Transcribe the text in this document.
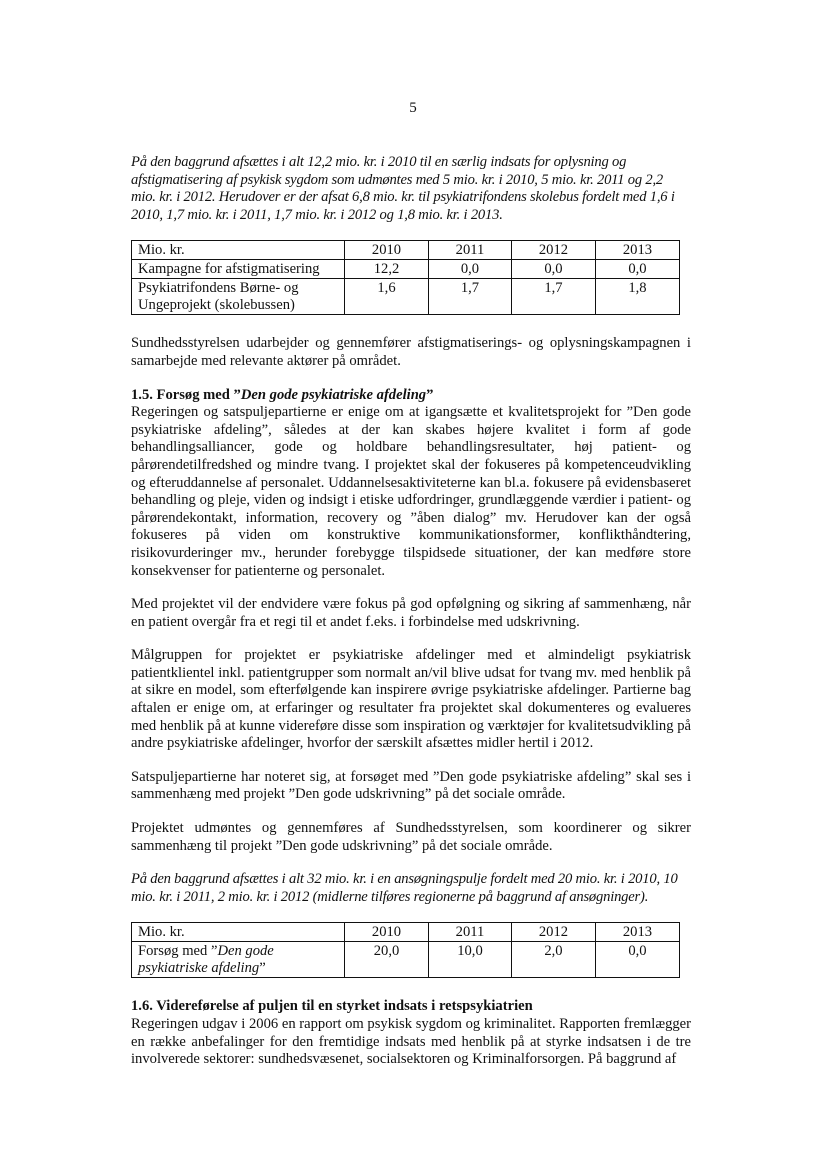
5

På den baggrund afsættes i alt 12,2 mio. kr. i 2010 til en særlig indsats for oplysning og afstigmatisering af psykisk sygdom som udmøntes med 5 mio. kr. i 2010, 5 mio. kr. 2011 og 2,2 mio. kr. i 2012. Herudover er der afsat 6,8 mio. kr. til psykiatrifondens skolebus fordelt med 1,6 i 2010, 1,7 mio. kr. i 2011, 1,7 mio. kr. i 2012 og 1,8 mio. kr. i 2013.

Mio. kr.	2010	2011	2012	2013
Kampagne for afstigmatisering	12,2	0,0	0,0	0,0
Psykiatrifondens Børne- og Ungeprojekt (skolebussen)	1,6	1,7	1,7	1,8

Sundhedsstyrelsen udarbejder og gennemfører afstigmatiserings- og oplysningskampagnen i samarbejde med relevante aktører på området.

1.5. Forsøg med ”Den gode psykiatriske afdeling”

Regeringen og satspuljepartierne er enige om at igangsætte et kvalitetsprojekt for ”Den gode psykiatriske afdeling”, således at der kan skabes højere kvalitet i form af gode behandlingsalliancer, gode og holdbare behandlingsresultater, høj patient- og pårørendetilfredshed og mindre tvang. I projektet skal der fokuseres på kompetenceudvikling og efteruddannelse af personalet. Uddannelsesaktiviteterne kan bl.a. fokusere på evidensbaseret behandling og pleje, viden og indsigt i etiske udfordringer, grundlæggende værdier i patient- og pårørendekontakt, information, recovery og ”åben dialog” mv. Herudover kan der også fokuseres på viden om konstruktive kommunikationsformer, konflikthåndtering, risikovurderinger mv., herunder forebygge tilspidsede situationer, der kan medføre store konsekvenser for patienterne og personalet.

Med projektet vil der endvidere være fokus på god opfølgning og sikring af sammenhæng, når en patient overgår fra et regi til et andet f.eks. i forbindelse med udskrivning.

Målgruppen for projektet er psykiatriske afdelinger med et almindeligt psykiatrisk patientklientel inkl. patientgrupper som normalt an/vil blive udsat for tvang mv. med henblik på at sikre en model, som efterfølgende kan inspirere øvrige psykiatriske afdelinger. Partierne bag aftalen er enige om, at erfaringer og resultater fra projektet skal dokumenteres og evalueres med henblik på at kunne videreføre disse som inspiration og værktøjer for kvalitetsudvikling på andre psykiatriske afdelinger, hvorfor der særskilt afsættes midler hertil i 2012.

Satspuljepartierne har noteret sig, at forsøget med ”Den gode psykiatriske afdeling” skal ses i sammenhæng med projekt ”Den gode udskrivning” på det sociale område.

Projektet udmøntes og gennemføres af Sundhedsstyrelsen, som koordinerer og sikrer sammenhæng til projekt ”Den gode udskrivning” på det sociale område.

På den baggrund afsættes i alt 32 mio. kr. i en ansøgningspulje fordelt med 20 mio. kr. i 2010, 10 mio. kr. i 2011, 2 mio. kr. i 2012 (midlerne tilføres regionerne på baggrund af ansøgninger).

Mio. kr.	2010	2011	2012	2013
Forsøg med ”Den gode psykiatriske afdeling”	20,0	10,0	2,0	0,0
1.6. Videreførelse af puljen til en styrket indsats i retspsykiatrien

Regeringen udgav i 2006 en rapport om psykisk sygdom og kriminalitet. Rapporten fremlægger en række anbefalinger for den fremtidige indsats med henblik på at styrke indsatsen i de tre involverede sektorer: sundhedsvæsenet, socialsektoren og Kriminalforsorgen. På baggrund af
